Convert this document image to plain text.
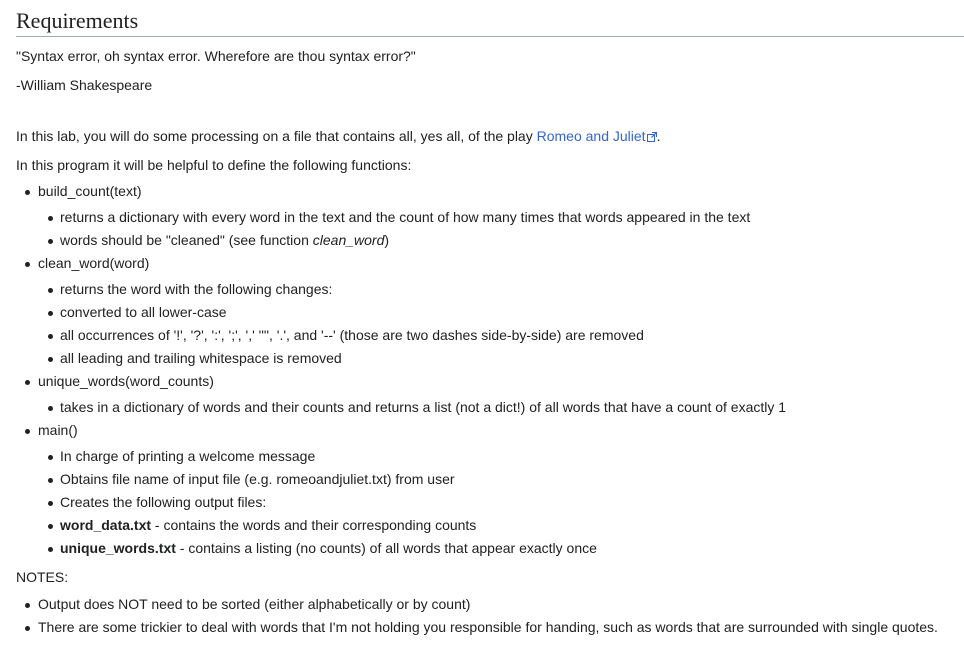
Requirements

"Syntax error, oh syntax error. Wherefore are thou syntax error?"

-William Shakespeare

In this lab, you will do some processing on a file that contains all, yes all, of the play Romeo and Juliet .

In this program it will be helpful to define the following functions:

build_count(text)
returns a dictionary with every word in the text and the count of how many times that words appeared in the text
words should be "cleaned" (see function clean_word)
clean_word(word)
returns the word with the following changes:
converted to all lower-case
all occurrences of '!', '?', ':', ';', ',' '"', '.', and '--' (those are two dashes side-by-side) are removed
all leading and trailing whitespace is removed
unique_words(word_counts)
takes in a dictionary of words and their counts and returns a list (not a dict!) of all words that have a count of exactly 1
main()
In charge of printing a welcome message
Obtains file name of input file (e.g. romeoandjuliet.txt) from user
Creates the following output files:
word_data.txt - contains the words and their corresponding counts
unique_words.txt - contains a listing (no counts) of all words that appear exactly once

NOTES:

Output does NOT need to be sorted (either alphabetically or by count)
There are some trickier to deal with words that I'm not holding you responsible for handing, such as words that are surrounded with single quotes.
